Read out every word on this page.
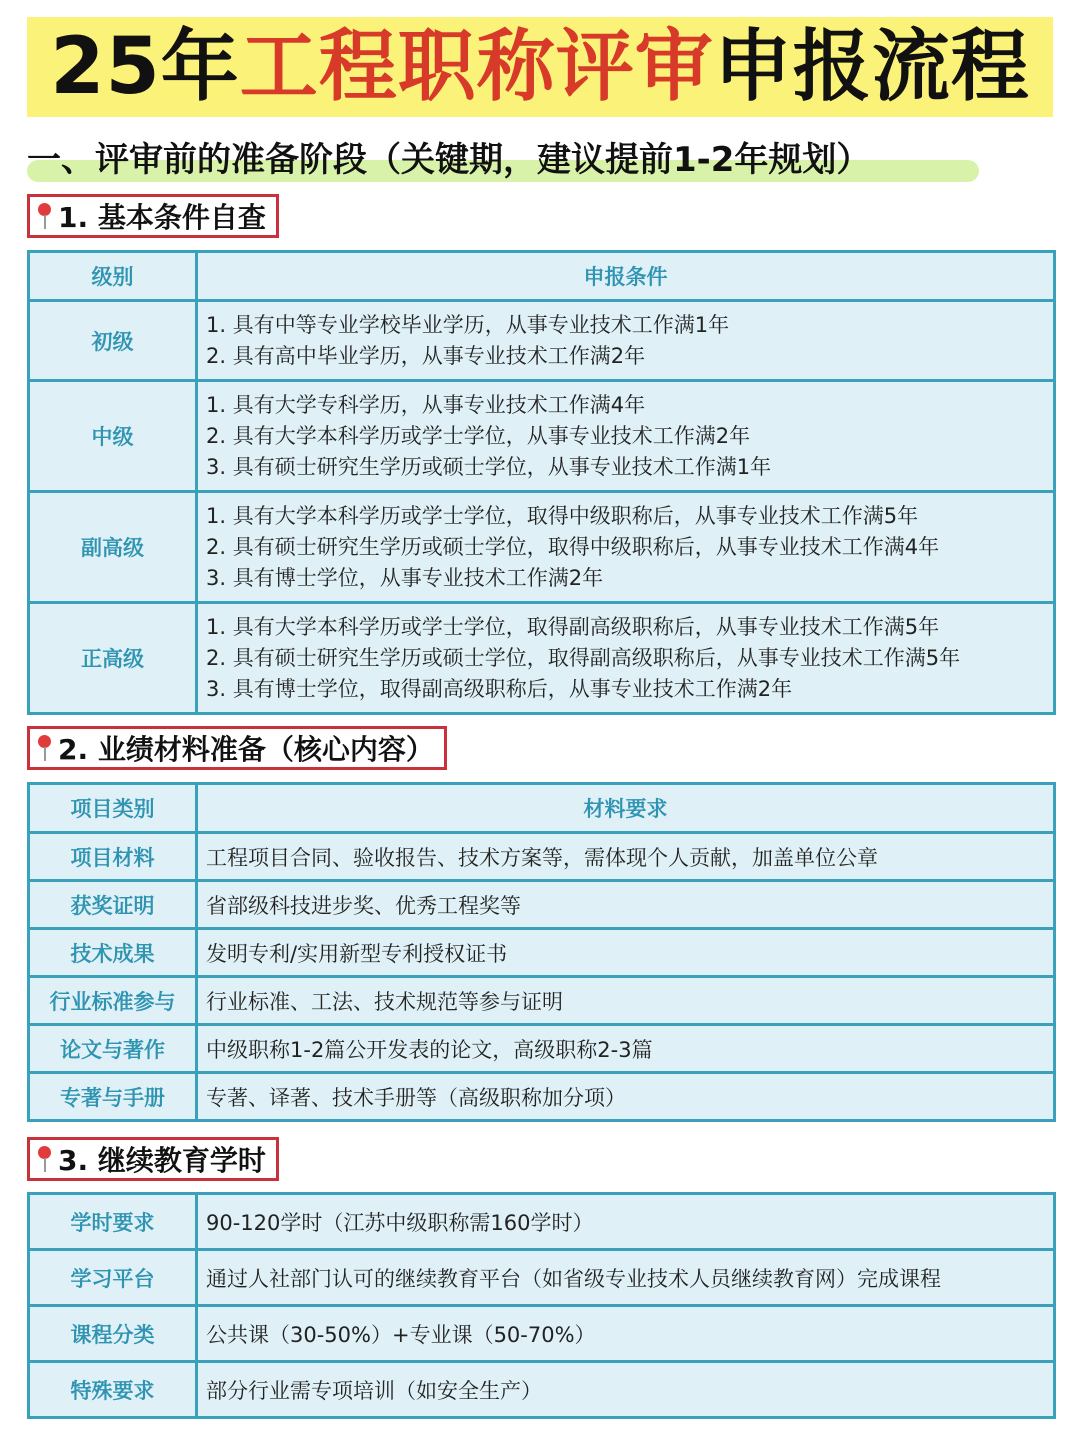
25年工程职称评审申报流程
一、评审前的准备阶段（关键期，建议提前1-2年规划）
1. 基本条件自查
级别	申报条件
初级	1. 具有中等专业学校毕业学历，从事专业技术工作满1年
2. 具有高中毕业学历，从事专业技术工作满2年

中级	1. 具有大学专科学历，从事专业技术工作满4年
2. 具有大学本科学历或学士学位，从事专业技术工作满2年
3. 具有硕士研究生学历或硕士学位，从事专业技术工作满1年

副高级	1. 具有大学本科学历或学士学位，取得中级职称后，从事专业技术工作满5年
2. 具有硕士研究生学历或硕士学位，取得中级职称后，从事专业技术工作满4年
3. 具有博士学位，从事专业技术工作满2年

正高级	1. 具有大学本科学历或学士学位，取得副高级职称后，从事专业技术工作满5年
2. 具有硕士研究生学历或硕士学位，取得副高级职称后，从事专业技术工作满5年
3. 具有博士学位，取得副高级职称后，从事专业技术工作满2年
2. 业绩材料准备（核心内容）
项目类别	材料要求
项目材料	工程项目合同、验收报告、技术方案等，需体现个人贡献，加盖单位公章
获奖证明	省部级科技进步奖、优秀工程奖等
技术成果	发明专利/实用新型专利授权证书
行业标准参与	行业标准、工法、技术规范等参与证明
论文与著作	中级职称1-2篇公开发表的论文，高级职称2-3篇
专著与手册	专著、译著、技术手册等（高级职称加分项）
3. 继续教育学时
学时要求	90-120学时（江苏中级职称需160学时）
学习平台	通过人社部门认可的继续教育平台（如省级专业技术人员继续教育网）完成课程
课程分类	公共课（30-50%）+专业课（50-70%）
特殊要求	部分行业需专项培训（如安全生产）
